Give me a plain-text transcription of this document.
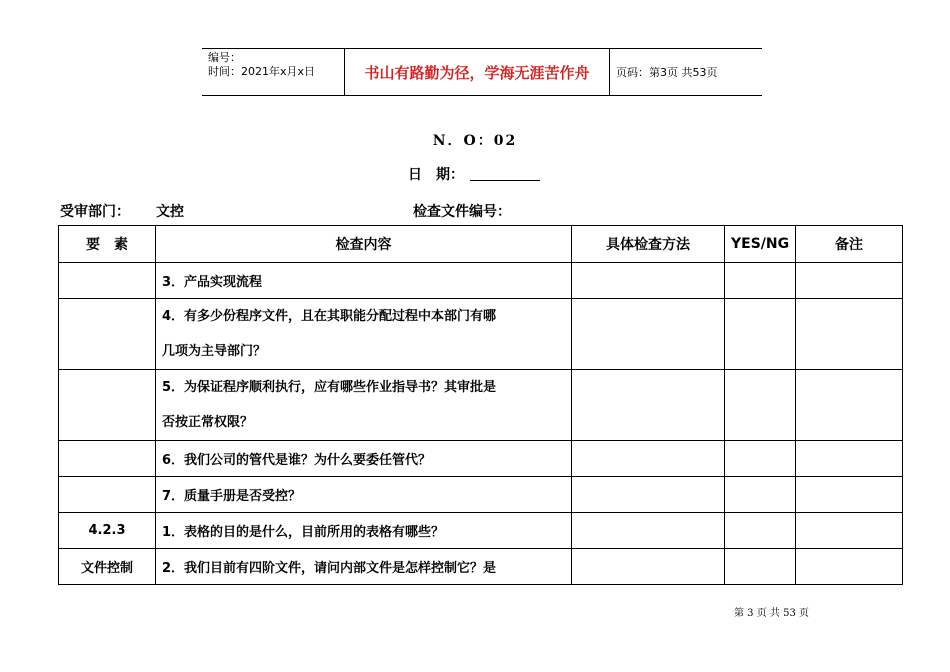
编号：
时间：2021年x月x日	书山有路勤为径，学海无涯苦作舟	页码：第3页 共53页
N．O：02
日　期：
受审部门： 文控	检查文件编号：
要　素	检查内容	具体检查方法	YES/NG	备注
	3．产品实现流程			

	4．有多少份程序文件，且在其职能分配过程中本部门有哪
几项为主导部门？			

	5．为保证程序顺利执行，应有哪些作业指导书？其审批是
否按正常权限？			

	6．我们公司的管代是谁？为什么要委任管代？			
	7．质量手册是否受控？			
4.2.3	1．表格的目的是什么，目前所用的表格有哪些？			
文件控制	2．我们目前有四阶文件，请问内部文件是怎样控制它？是			
第 3 页 共 53 页
